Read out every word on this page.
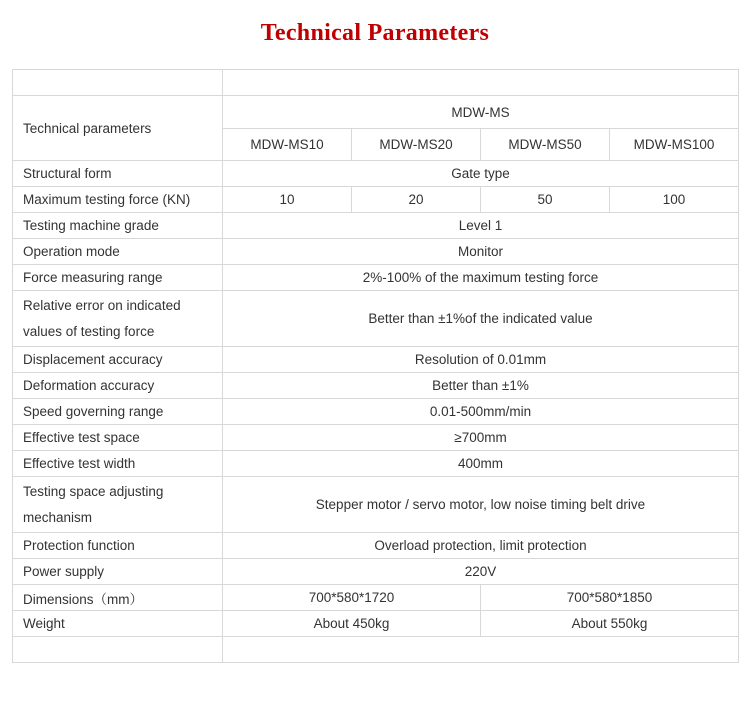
Technical Parameters

Technical parameters	MDW-MS			
	MDW-MS10	MDW-MS20	MDW-MS50	MDW-MS100
Structural form	Gate type			
Maximum testing force (KN)	10	20	50	100
Testing machine grade	Level 1			
Operation mode	Monitor			
Force measuring range	2%-100% of the maximum testing force			

Relative error on indicated
values of testing force	Better than ±1%of the indicated value			
Displacement accuracy	Resolution of 0.01mm			
Deformation accuracy	Better than ±1%			
Speed governing range	0.01-500mm/min			
Effective test space	≥700mm			
Effective test width	400mm			

Testing space adjusting
mechanism	Stepper motor / servo motor, low noise timing belt drive			
Protection function	Overload protection, limit protection			
Power supply	220V			
Dimensions（mm）	700*580*1720		700*580*1850	
Weight	About 450kg		About 550kg	
